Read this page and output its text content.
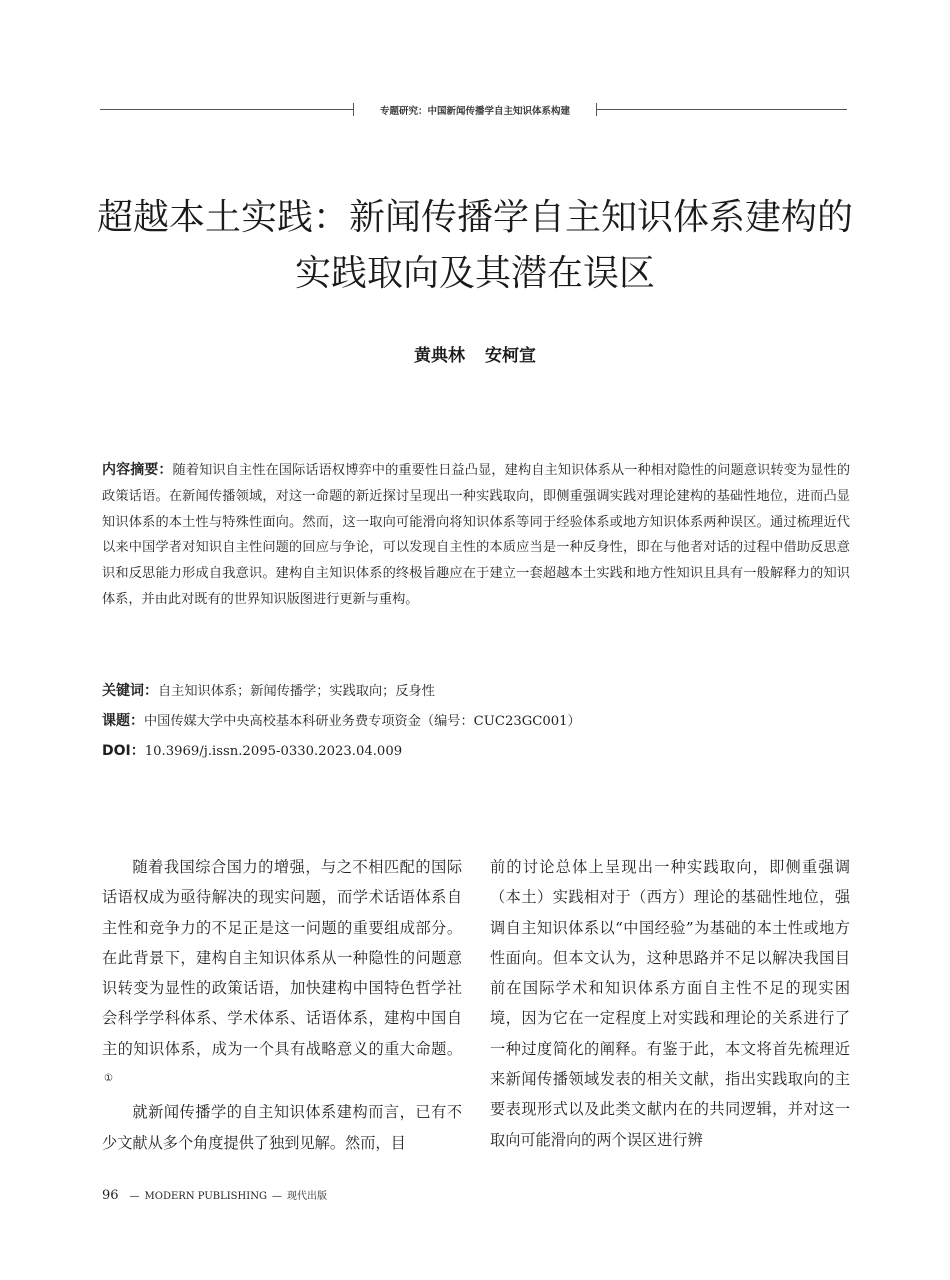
专题研究：中国新闻传播学自主知识体系构建
超越本土实践：新闻传播学自主知识体系建构的
实践取向及其潜在误区
黄典林 安柯宣
内容摘要：随着知识自主性在国际话语权博弈中的重要性日益凸显，建构自主知识体系从一种相对隐性的问题意识转变为显性的政策话语。在新闻传播领域，对这一命题的新近探讨呈现出一种实践取向，即侧重强调实践对理论建构的基础性地位，进而凸显知识体系的本土性与特殊性面向。然而，这一取向可能滑向将知识体系等同于经验体系或地方知识体系两种误区。通过梳理近代以来中国学者对知识自主性问题的回应与争论，可以发现自主性的本质应当是一种反身性，即在与他者对话的过程中借助反思意识和反思能力形成自我意识。建构自主知识体系的终极旨趣应在于建立一套超越本土实践和地方性知识且具有一般解释力的知识体系，并由此对既有的世界知识版图进行更新与重构。
关键词：自主知识体系；新闻传播学；实践取向；反身性
课题：中国传媒大学中央高校基本科研业务费专项资金（编号：CUC23GC001）
DOI：10.3969/j.issn.2095-0330.2023.04.009

随着我国综合国力的增强，与之不相匹配的国际话语权成为亟待解决的现实问题，而学术话语体系自主性和竞争力的不足正是这一问题的重要组成部分。在此背景下，建构自主知识体系从一种隐性的问题意识转变为显性的政策话语，加快建构中国特色哲学社会科学学科体系、学术体系、话语体系，建构中国自主的知识体系，成为一个具有战略意义的重大命题。①

就新闻传播学的自主知识体系建构而言，已有不少文献从多个角度提供了独到见解。然而，目

前的讨论总体上呈现出一种实践取向，即侧重强调（本土）实践相对于（西方）理论的基础性地位，强调自主知识体系以“中国经验”为基础的本土性或地方性面向。但本文认为，这种思路并不足以解决我国目前在国际学术和知识体系方面自主性不足的现实困境，因为它在一定程度上对实践和理论的关系进行了一种过度简化的阐释。有鉴于此，本文将首先梳理近来新闻传播领域发表的相关文献，指出实践取向的主要表现形式以及此类文献内在的共同逻辑，并对这一取向可能滑向的两个误区进行辨

96 — MODERN PUBLISHING — 现代出版
